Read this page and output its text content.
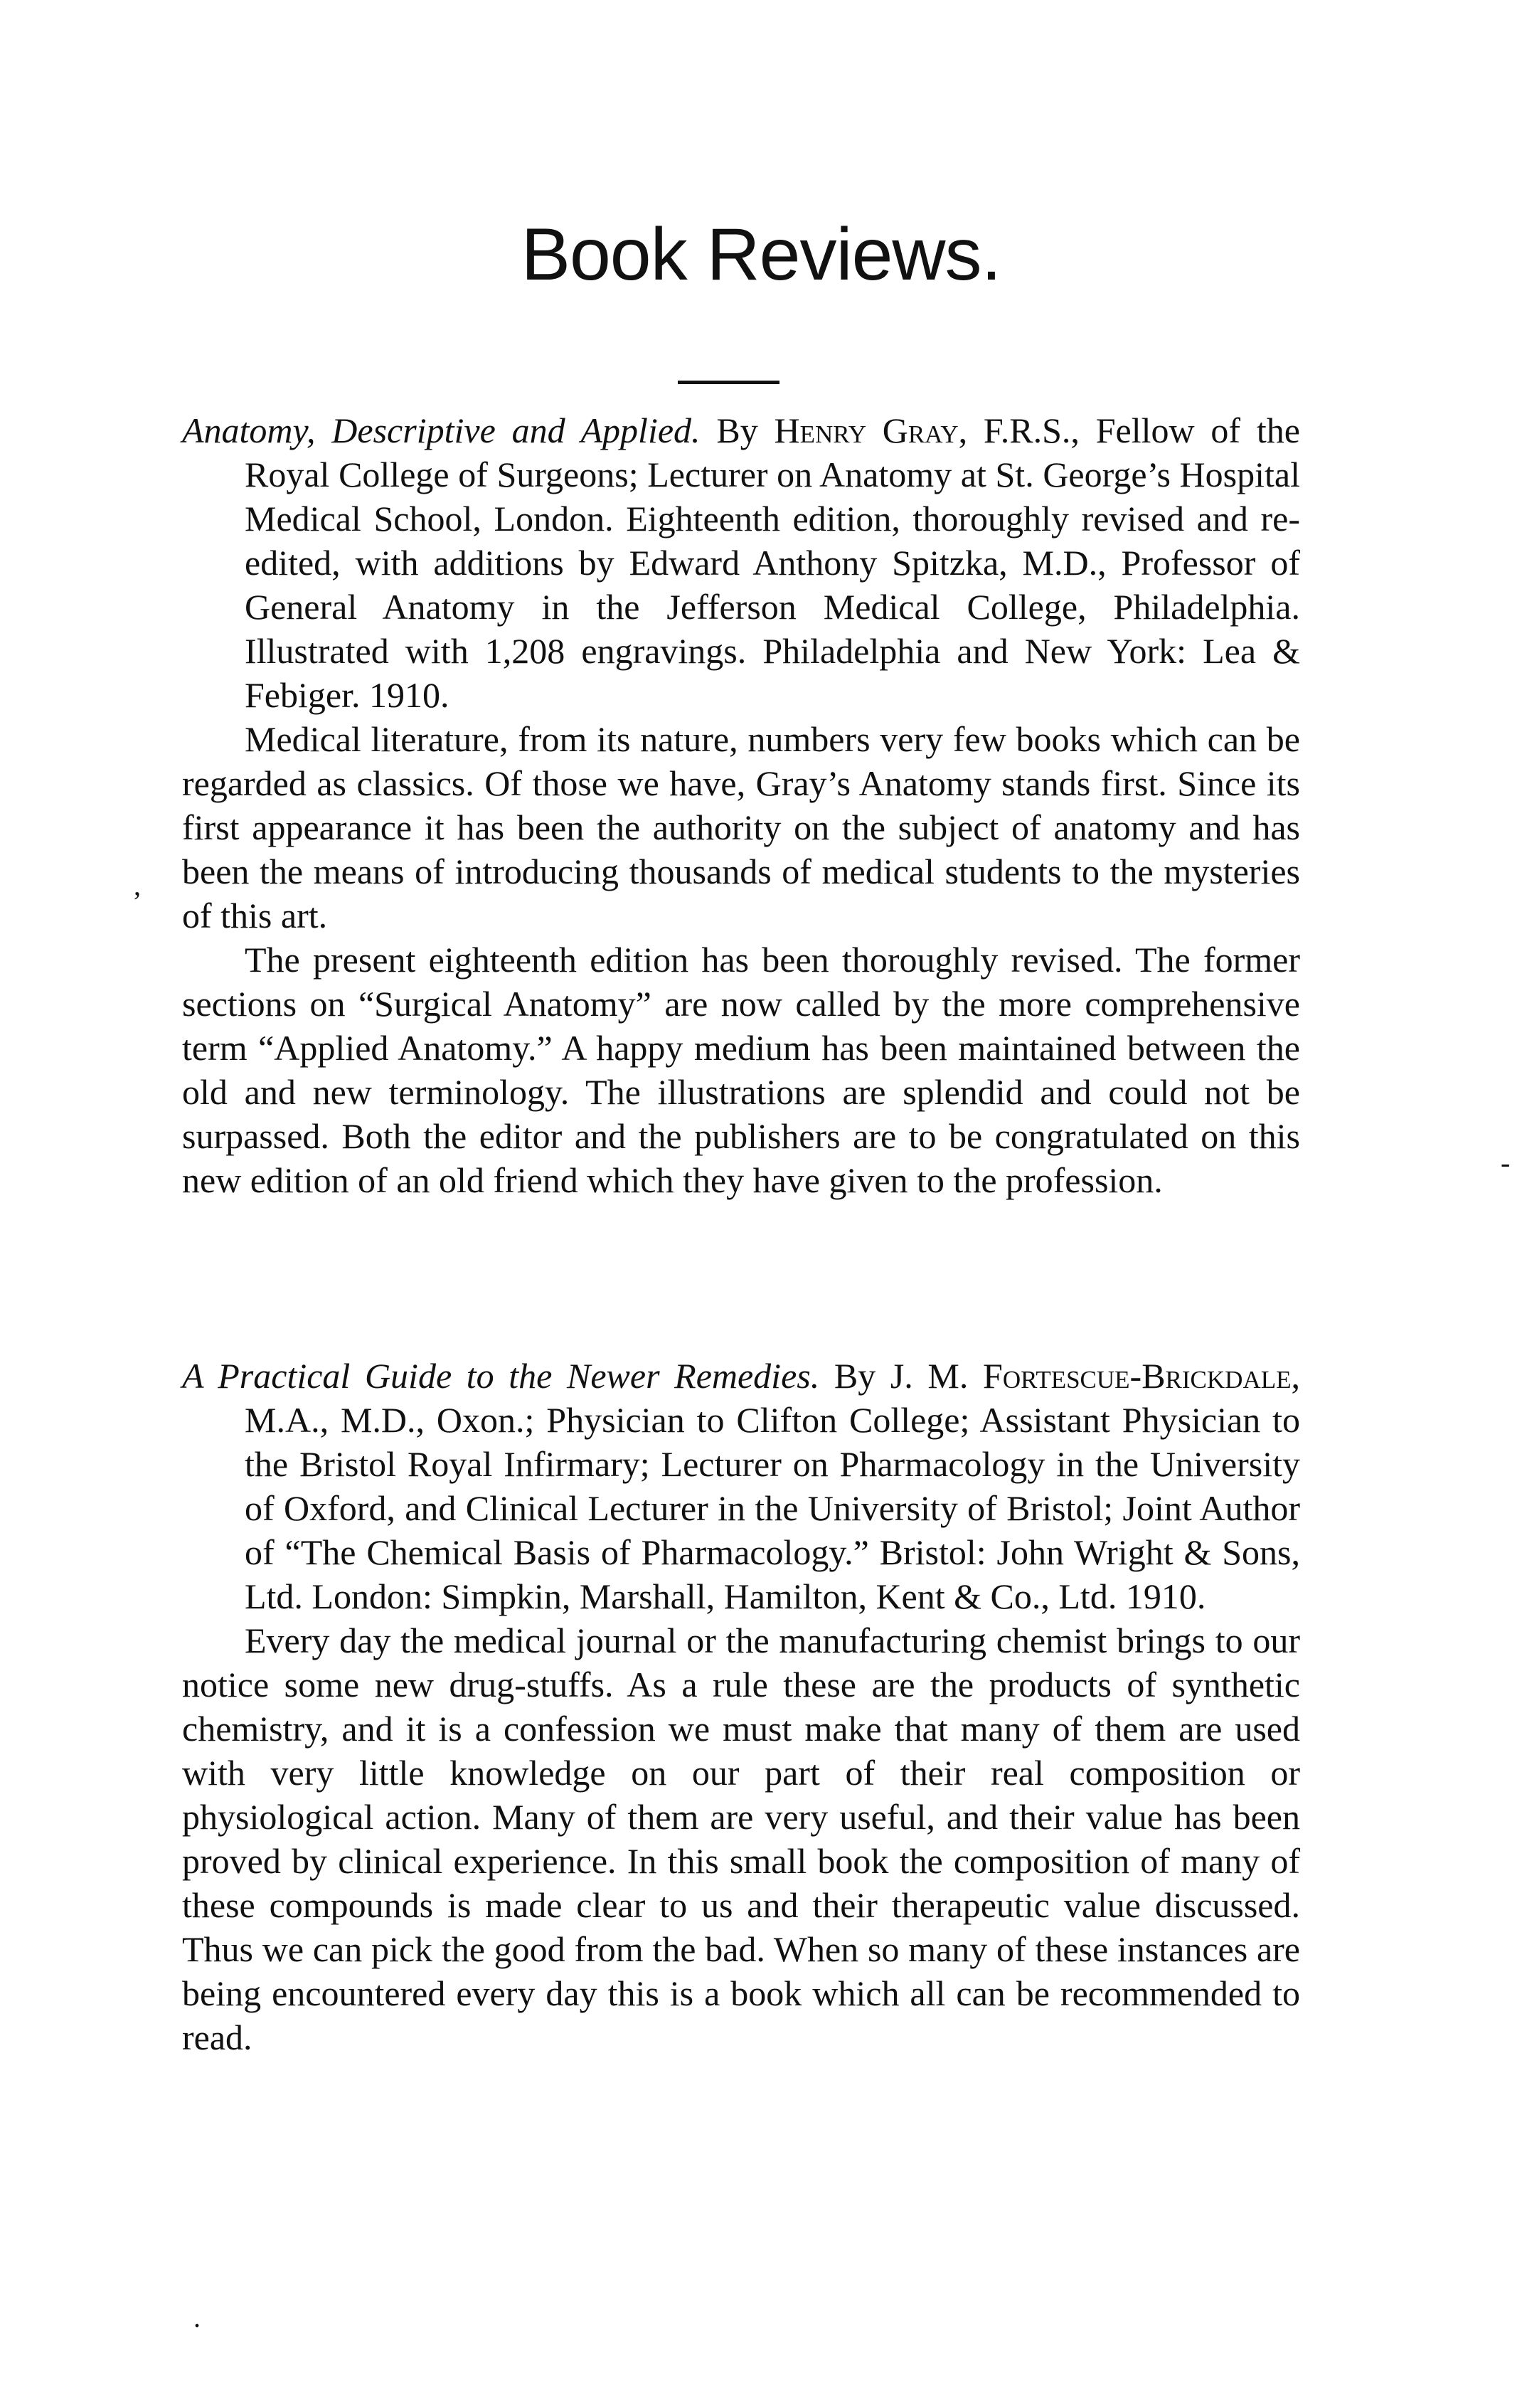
Book Reviews.

Anatomy, Descriptive and Applied. By Henry Gray, F.R.S., Fellow of the Royal College of Surgeons; Lecturer on Anatomy at St. George’s Hospital Medical School, London. Eighteenth edition, thoroughly revised and re-edited, with additions by Edward Anthony Spitzka, M.D., Professor of General Anatomy in the Jefferson Medical College, Philadelphia. Illustrated with 1,208 engravings. Philadelphia and New York: Lea & Febiger. 1910.

Medical literature, from its nature, numbers very few books which can be regarded as classics. Of those we have, Gray’s Anatomy stands first. Since its first appearance it has been the authority on the subject of anatomy and has been the means of introducing thousands of medical students to the mysteries of this art.

The present eighteenth edition has been thoroughly revised. The former sections on “Surgical Anatomy” are now called by the more comprehensive term “Applied Anatomy.” A happy medium has been maintained between the old and new terminology. The illustrations are splendid and could not be surpassed. Both the editor and the publishers are to be congratulated on this new edition of an old friend which they have given to the profession.

A Practical Guide to the Newer Remedies. By J. M. Fortescue-Brickdale, M.A., M.D., Oxon.; Physician to Clifton College; Assistant Physician to the Bristol Royal Infirmary; Lecturer on Pharmacology in the University of Oxford, and Clinical Lecturer in the University of Bristol; Joint Author of “The Chemical Basis of Pharmacology.” Bristol: John Wright & Sons, Ltd. London: Simpkin, Marshall, Hamilton, Kent & Co., Ltd. 1910.

Every day the medical journal or the manufacturing chemist brings to our notice some new drug-stuffs. As a rule these are the products of synthetic chemistry, and it is a confession we must make that many of them are used with very little knowledge on our part of their real composition or physiological action. Many of them are very useful, and their value has been proved by clinical experience. In this small book the composition of many of these compounds is made clear to us and their therapeutic value discussed. Thus we can pick the good from the bad. When so many of these instances are being encountered every day this is a book which all can be recommended to read.

,
-
.
